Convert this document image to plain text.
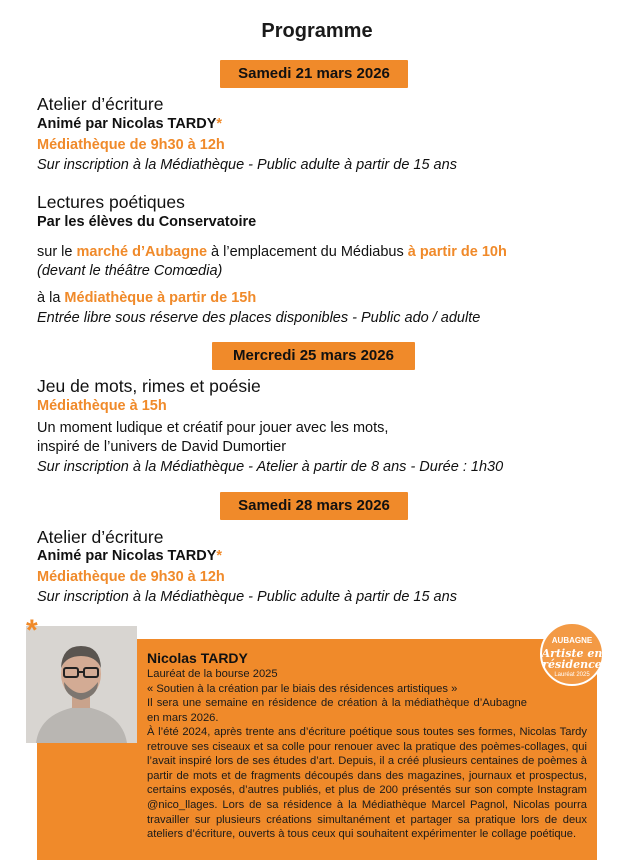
Programme
Samedi 21 mars 2026
Atelier d’écriture
Animé par Nicolas TARDY*
Médiathèque de 9h30 à 12h
Sur inscription à la Médiathèque - Public adulte à partir de 15 ans
Lectures poétiques
Par les élèves du Conservatoire
sur le marché d’Aubagne à l’emplacement du Médiabus à partir de 10h
(devant le théâtre Comœdia)
à la Médiathèque à partir de 15h
Entrée libre sous réserve des places disponibles - Public ado / adulte
Mercredi 25 mars 2026
Jeu de mots, rimes et poésie
Médiathèque à 15h
Un moment ludique et créatif pour jouer avec les mots,
inspiré de l’univers de David Dumortier
Sur inscription à la Médiathèque - Atelier à partir de 8 ans - Durée : 1h30
Samedi 28 mars 2026
Atelier d’écriture
Animé par Nicolas TARDY*
Médiathèque de 9h30 à 12h
Sur inscription à la Médiathèque - Public adulte à partir de 15 ans
*
Nicolas TARDY
Lauréat de la bourse 2025
« Soutien à la création par le biais des résidences artistiques »
Il sera une semaine en résidence de création à la médiathèque d’Aubagne en mars 2026.
À l’été 2024, après trente ans d’écriture poétique sous toutes ses formes, Nicolas Tardy retrouve ses ciseaux et sa colle pour renouer avec la pratique des poèmes-collages, qui l’avait inspiré lors de ses études d’art. Depuis, il a créé plusieurs centaines de poèmes à partir de mots et de fragments découpés dans des magazines, journaux et prospectus, certains exposés, d’autres publiés, et plus de 200 présentés sur son compte Instagram @nico_llages. Lors de sa résidence à la Médiathèque Marcel Pagnol, Nicolas pourra travailler sur plusieurs créations simultanément et partager sa pratique lors de deux ateliers d’écriture, ouverts à tous ceux qui souhaitent expérimenter le collage poétique.
AUBAGNE
Artiste en résidence
Lauréat 2025
